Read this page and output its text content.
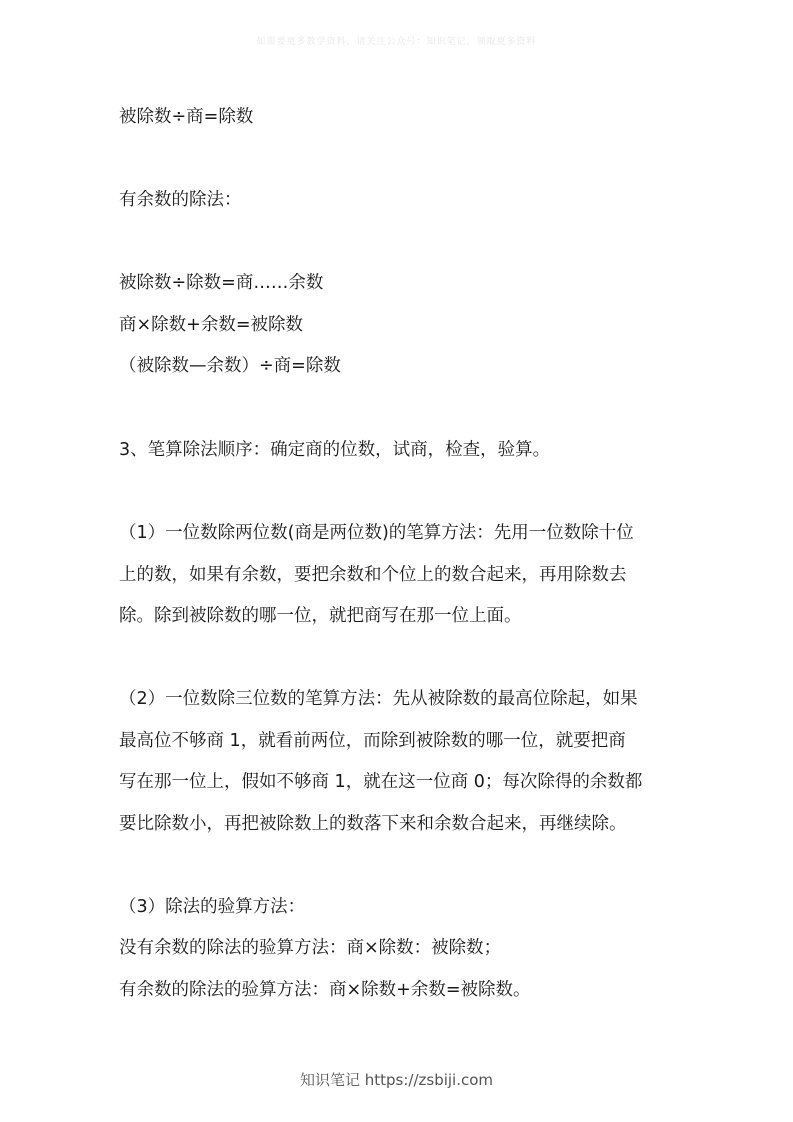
如需要更多教学资料，请关注公众号：知识笔记，领取更多资料
被除数÷商=除数
有余数的除法：
被除数÷除数=商……余数
商×除数+余数=被除数
（被除数—余数）÷商=除数
3、笔算除法顺序：确定商的位数，试商，检查，验算。
（1）一位数除两位数(商是两位数)的笔算方法：先用一位数除十位
上的数，如果有余数，要把余数和个位上的数合起来，再用除数去
除。除到被除数的哪一位，就把商写在那一位上面。
（2）一位数除三位数的笔算方法：先从被除数的最高位除起，如果
最高位不够商 1，就看前两位，而除到被除数的哪一位，就要把商
写在那一位上，假如不够商 1，就在这一位商 0；每次除得的余数都
要比除数小，再把被除数上的数落下来和余数合起来，再继续除。
（3）除法的验算方法：
没有余数的除法的验算方法：商×除数：被除数；
有余数的除法的验算方法：商×除数+余数=被除数。
知识笔记 https://zsbiji.com
